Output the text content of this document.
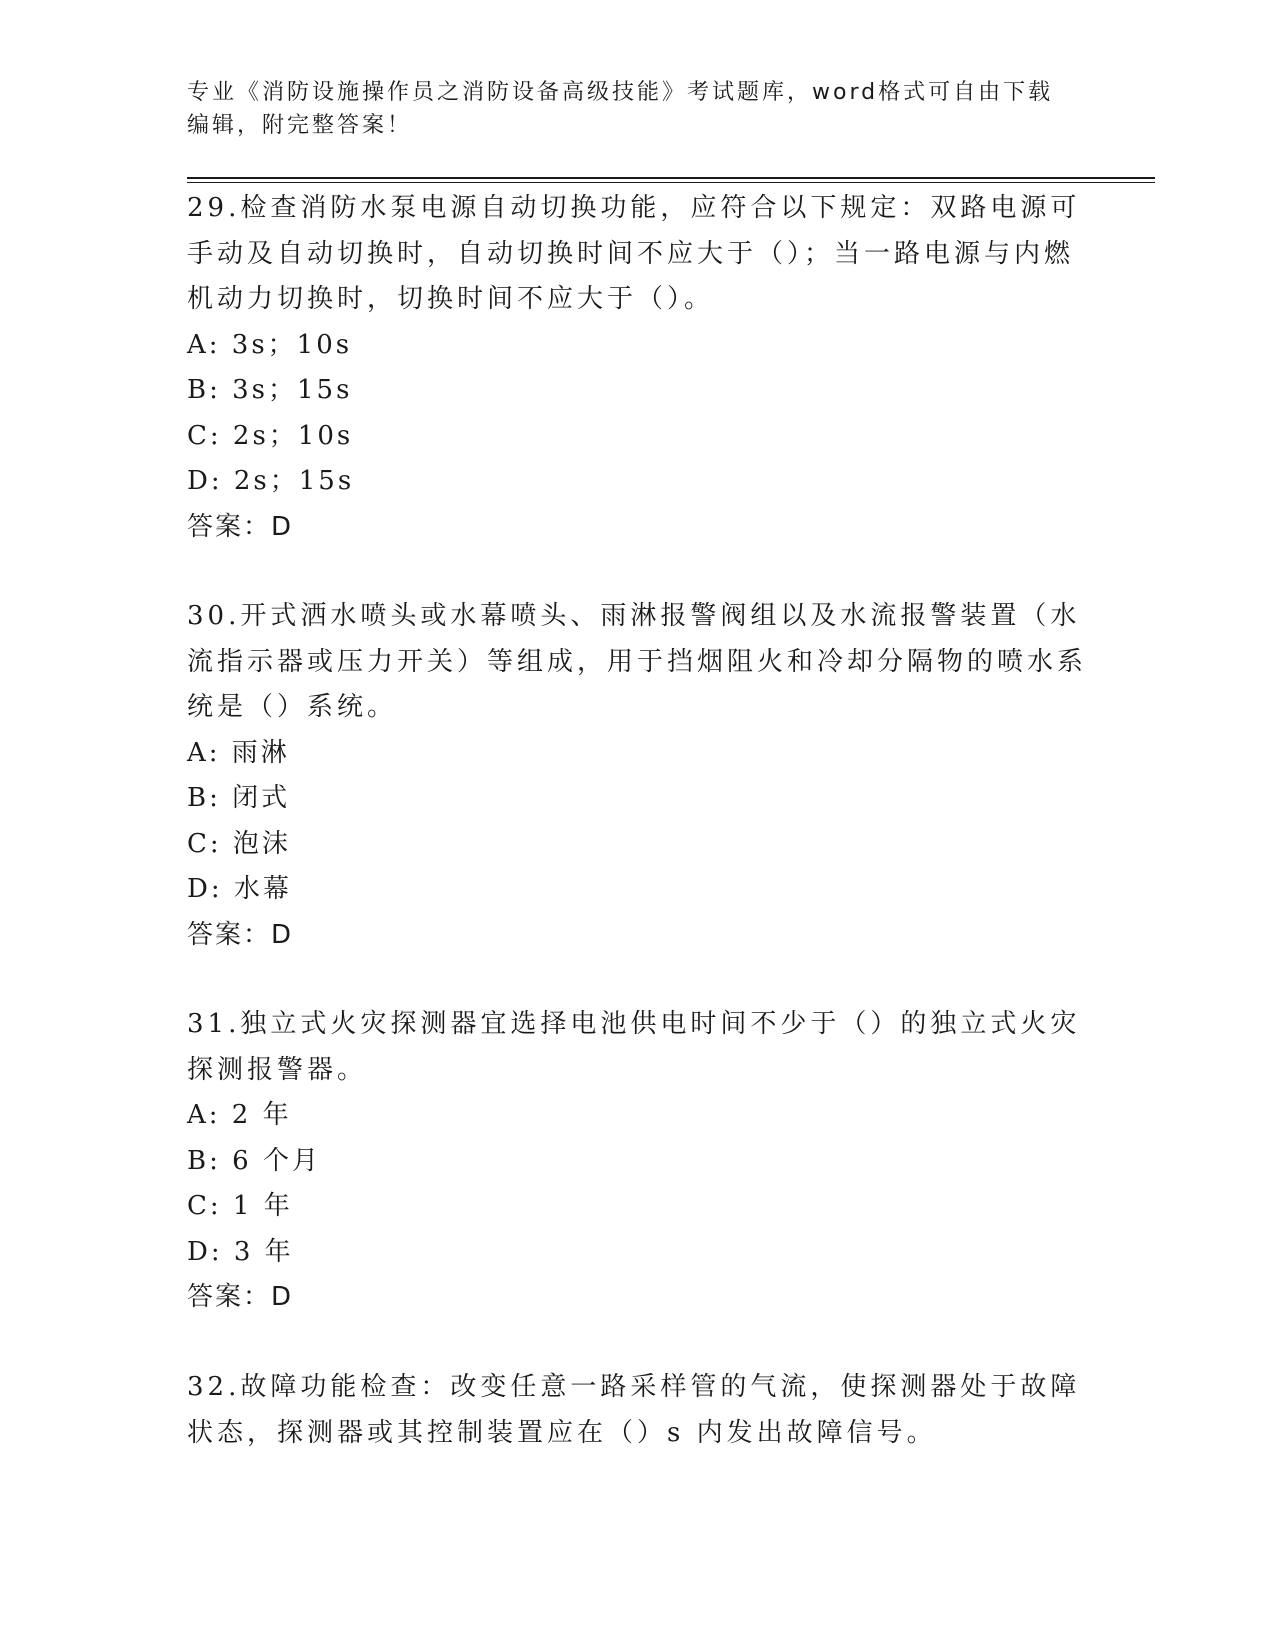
专业《消防设施操作员之消防设备高级技能》考试题库，word格式可自由下载编辑，附完整答案！

29.检查消防水泵电源自动切换功能，应符合以下规定：双路电源可手动及自动切换时，自动切换时间不应大于（）；当一路电源与内燃机动力切换时，切换时间不应大于（）。

A: 3s；10s

B: 3s；15s

C: 2s；10s

D: 2s；15s

答案：D

30.开式洒水喷头或水幕喷头、雨淋报警阀组以及水流报警装置（水流指示器或压力开关）等组成，用于挡烟阻火和冷却分隔物的喷水系统是（）系统。

A: 雨淋

B: 闭式

C: 泡沫

D: 水幕

答案：D

31.独立式火灾探测器宜选择电池供电时间不少于（）的独立式火灾探测报警器。

A: 2 年

B: 6 个月

C: 1 年

D: 3 年

答案：D

32.故障功能检查：改变任意一路采样管的气流，使探测器处于故障状态，探测器或其控制装置应在（）s 内发出故障信号。
